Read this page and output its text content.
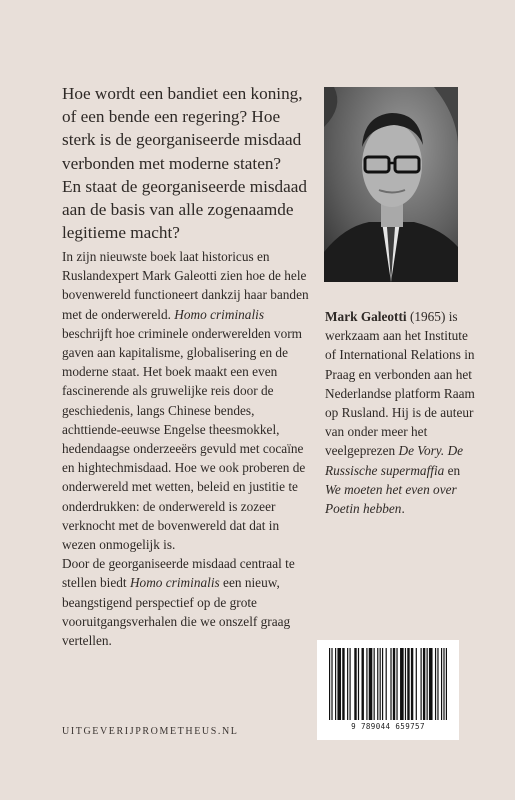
Hoe wordt een bandiet een koning,
of een bende een regering? Hoe
sterk is de georganiseerde misdaad
verbonden met moderne staten?
En staat de georganiseerde misdaad
aan de basis van alle zogenaamde
legitieme macht?

In zijn nieuwste boek laat historicus en Ruslandexpert Mark Galeotti zien hoe de hele bovenwereld functioneert dankzij haar banden met de onderwereld. Homo criminalis beschrijft hoe criminele onderwerelden vorm gaven aan kapitalisme, globalisering en de moderne staat. Het boek maakt een even fascinerende als gruwelijke reis door de geschiedenis, langs Chinese bendes, achttiende-eeuwse Engelse theesmokkel, hedendaagse onderzeeërs gevuld met cocaïne en hightechmisdaad. Hoe we ook proberen de onderwereld met wetten, beleid en justitie te onderdrukken: de onderwereld is zozeer verknocht met de bovenwereld dat dat in wezen onmogelijk is.

Door de georganiseerde misdaad centraal te stellen biedt Homo criminalis een nieuw, beangstigend perspectief op de grote vooruitgangsverhalen die we onszelf graag vertellen.

Mark Galeotti (1965) is werkzaam aan het Institute of International Relations in Praag en verbonden aan het Nederlandse platform Raam op Rusland. Hij is de auteur van onder meer het veelgeprezen De Vory. De Russische supermaffia en We moeten het even over Poetin hebben.
UITGEVERIJPROMETHEUS.NL	9 789044 659757
